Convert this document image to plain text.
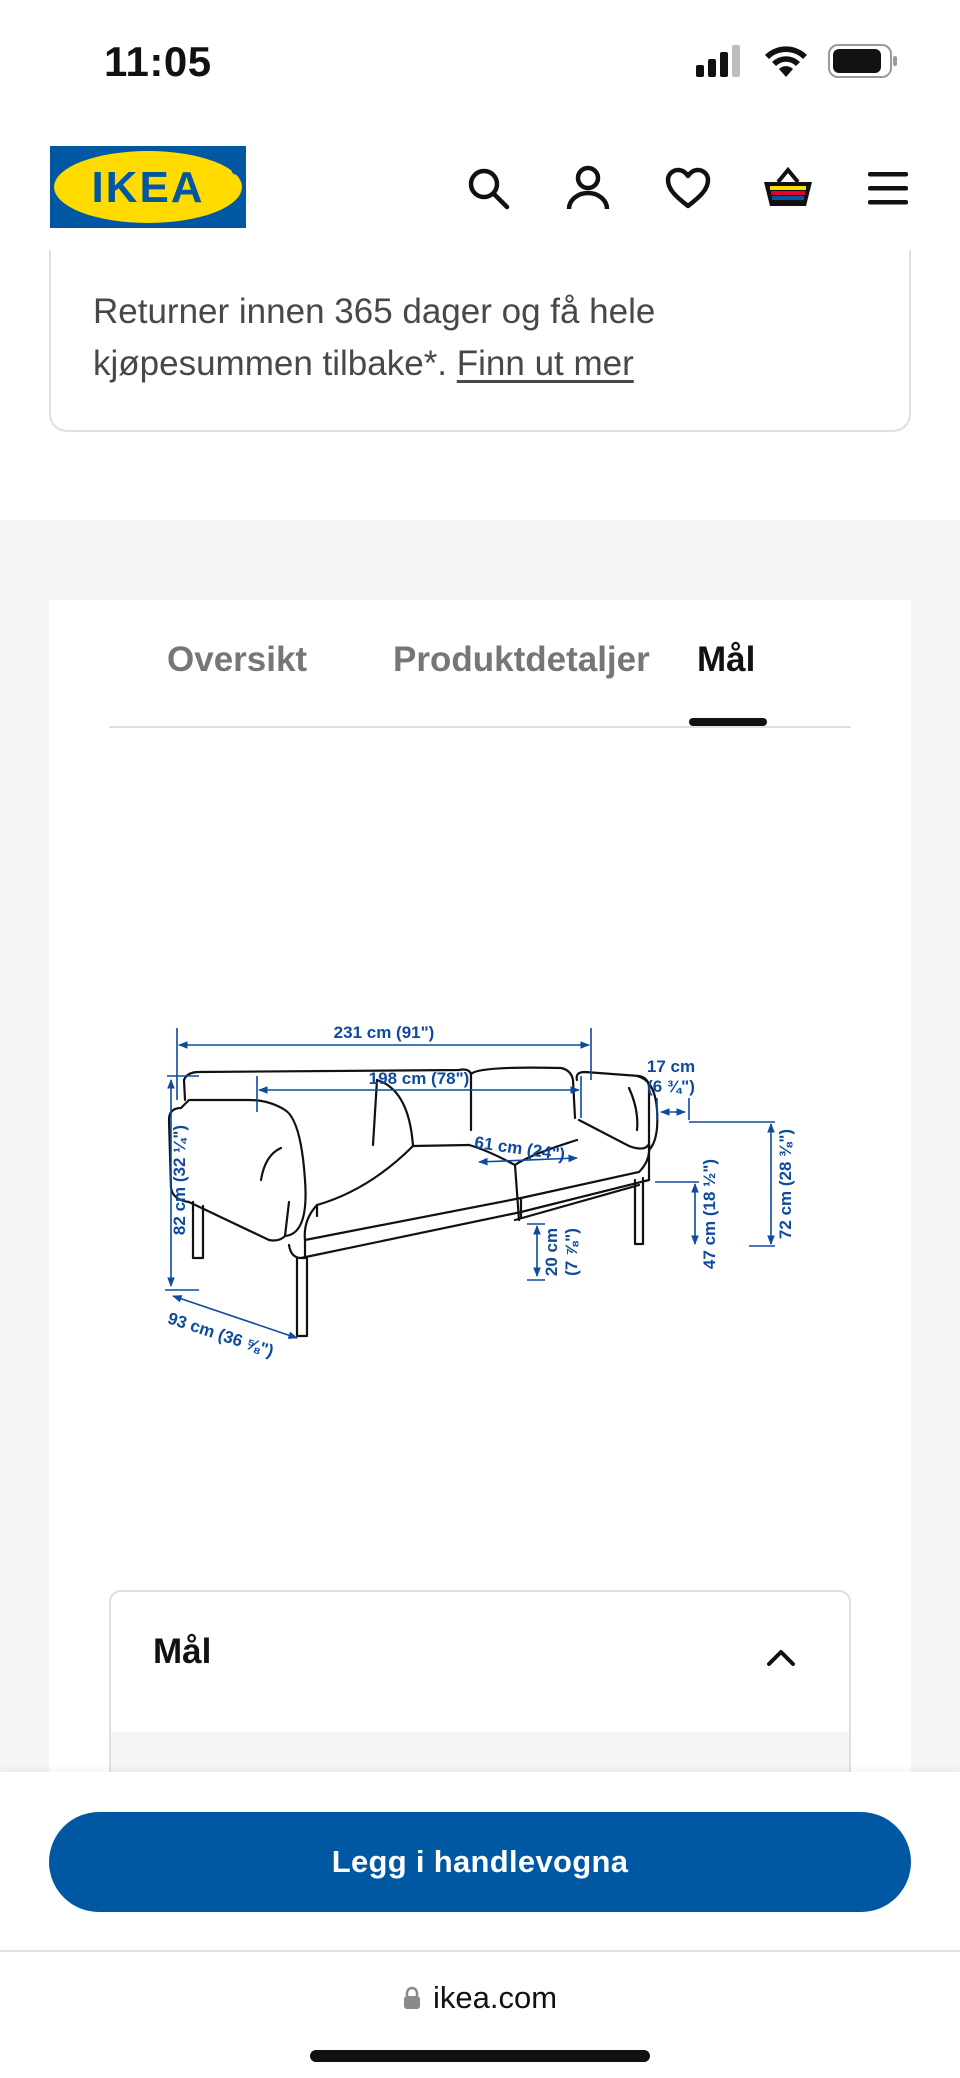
11:05
IKEA
Returner innen 365 dager og få hele kjøpesummen tilbake*. Finn ut mer
Oversikt Produktdetaljer Mål
231 cm (91")
198 cm (78")
61 cm (24")
17 cm
(6 ¾")
82 cm (32 ¼")	72 cm (28 ⅜")
47 cm (18 ½")
20 cm (7 ⅞")
93 cm (36 ⅝")
Mål
Legg i handlevogna
ikea.com
